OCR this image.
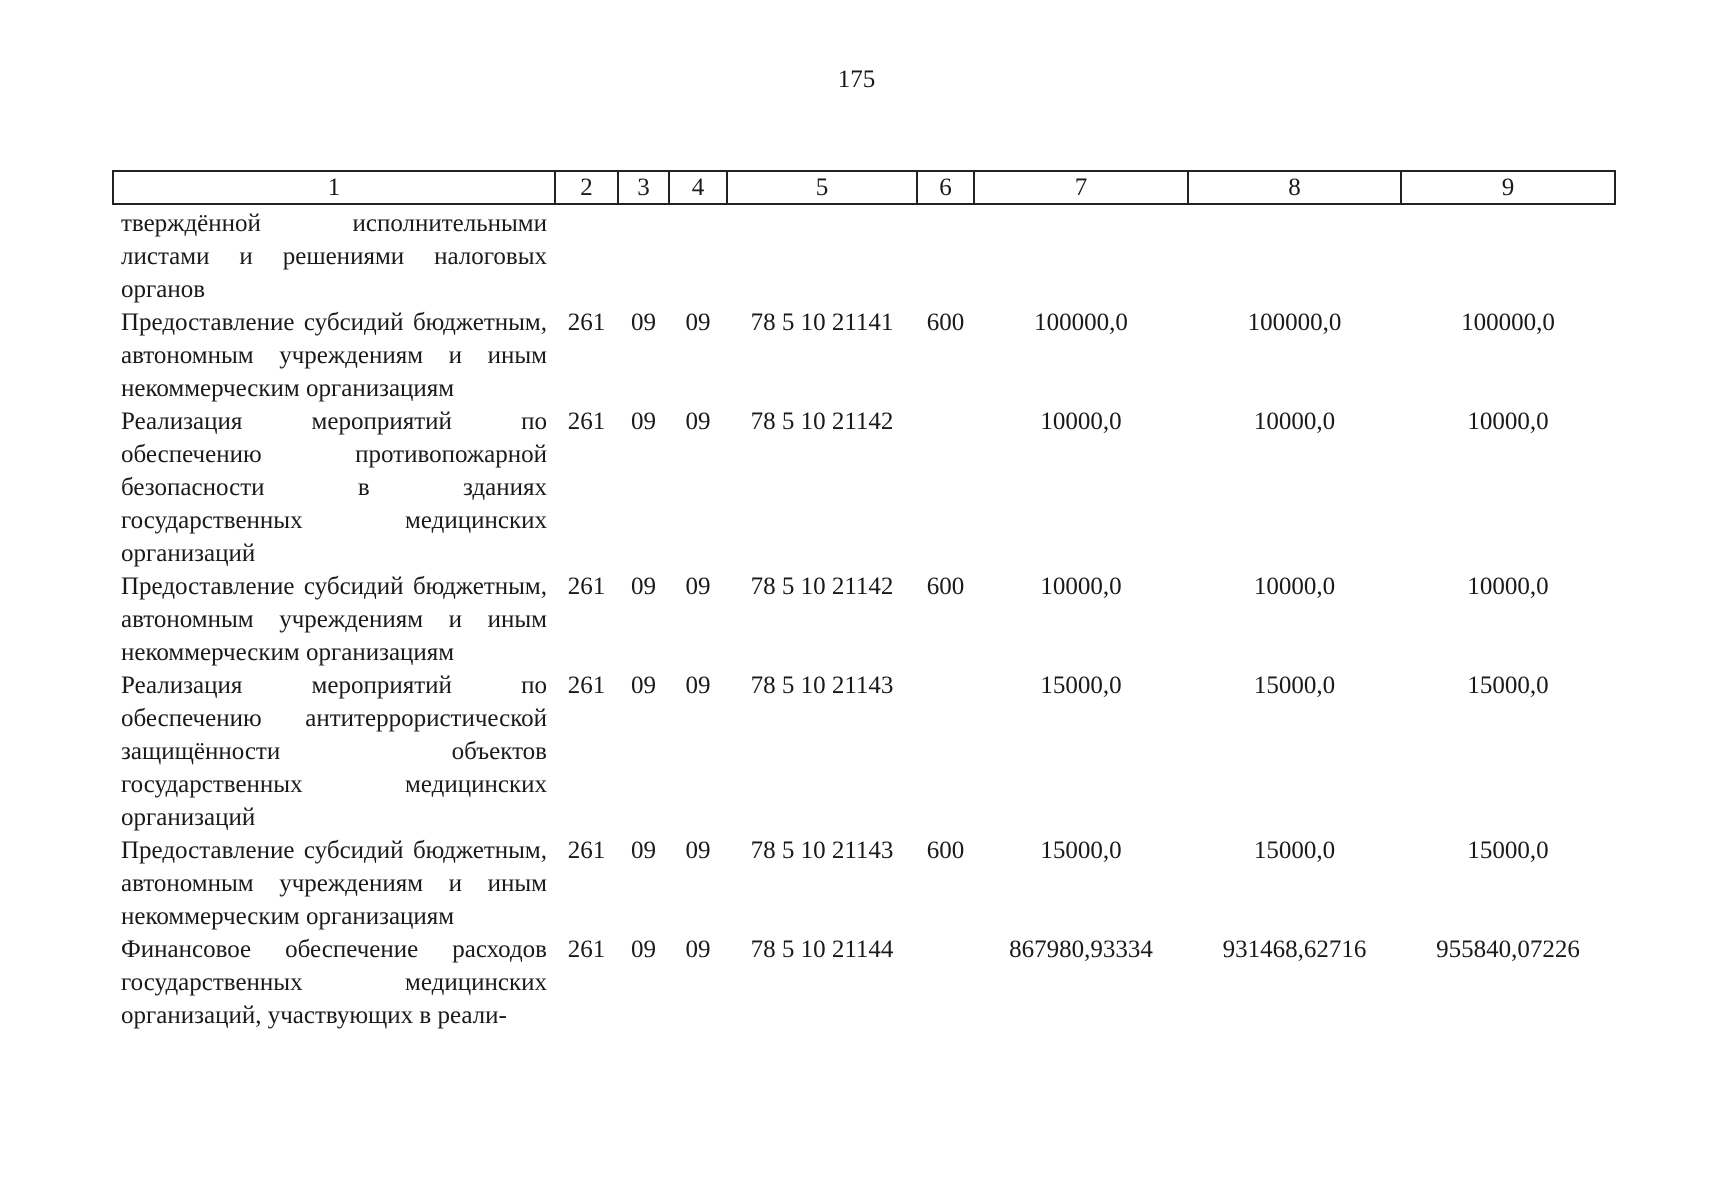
175
1	2	3	4	5	6	7	8	9
тверждённой исполнительными листами и решениями налоговых органов								
Предоставление субсидий бюджетным, автономным учреждениям и иным некоммерческим организациям	261	09	09	78 5 10 21141	600	100000,0	100000,0	100000,0
Реализация мероприятий по обеспечению противопожарной безопасности в зданиях государственных медицинских организаций	261	09	09	78 5 10 21142		10000,0	10000,0	10000,0
Предоставление субсидий бюджетным, автономным учреждениям и иным некоммерческим организациям	261	09	09	78 5 10 21142	600	10000,0	10000,0	10000,0
Реализация мероприятий по обеспечению антитеррористической защищённости объектов государственных медицинских организаций	261	09	09	78 5 10 21143		15000,0	15000,0	15000,0
Предоставление субсидий бюджетным, автономным учреждениям и иным некоммерческим организациям	261	09	09	78 5 10 21143	600	15000,0	15000,0	15000,0
Финансовое обеспечение расходов государственных медицинских организаций, участвующих в реали-	261	09	09	78 5 10 21144		867980,93334	931468,62716	955840,07226
